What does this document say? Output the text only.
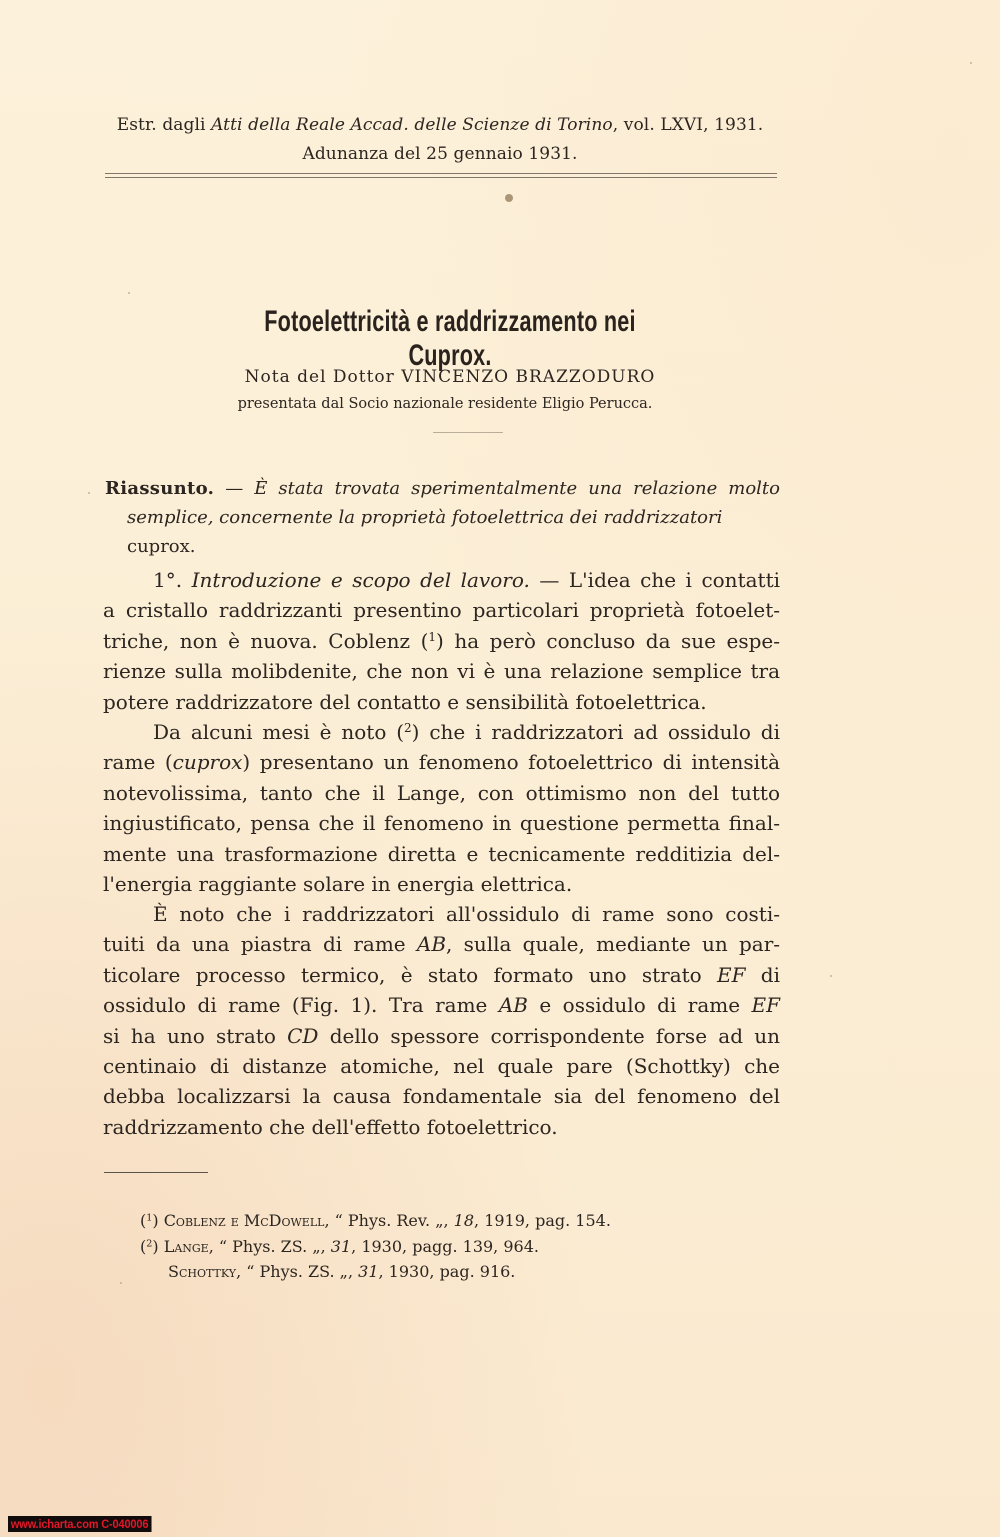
Estr. dagli Atti della Reale Accad. delle Scienze di Torino, vol. LXVI, 1931.
Adunanza del 25 gennaio 1931.
Fotoelettricità e raddrizzamento nei Cuprox.
Nota del Dottor VINCENZO BRAZZODURO
presentata dal Socio nazionale residente Eligio Perucca.
Riassunto. — È stata trovata sperimentalmente una relazione molto
semplice, concernente la proprietà fotoelettrica dei raddrizzatori cuprox.
1°. Introduzione e scopo del lavoro. — L'idea che i contatti
a cristallo raddrizzanti presentino particolari proprietà fotoelet-
triche, non è nuova. Coblenz ($^1$) ha però concluso da sue espe-
rienze sulla molibdenite, che non vi è una relazione semplice tra
potere raddrizzatore del contatto e sensibilità fotoelettrica.
Da alcuni mesi è noto ($^2$) che i raddrizzatori ad ossidulo di
rame (cuprox) presentano un fenomeno fotoelettrico di intensità
notevolissima, tanto che il Lange, con ottimismo non del tutto
ingiustificato, pensa che il fenomeno in questione permetta final-
mente una trasformazione diretta e tecnicamente redditizia del-
l'energia raggiante solare in energia elettrica.
È noto che i raddrizzatori all'ossidulo di rame sono costi-
tuiti da una piastra di rame AB, sulla quale, mediante un par-
ticolare processo termico, è stato formato uno strato EF di
ossidulo di rame (Fig. 1). Tra rame AB e ossidulo di rame EF
si ha uno strato CD dello spessore corrispondente forse ad un
centinaio di distanze atomiche, nel quale pare (Schottky) che
debba localizzarsi la causa fondamentale sia del fenomeno del
raddrizzamento che dell'effetto fotoelettrico.
($^1$) Coblenz e McDowell, “ Phys. Rev. „, 18, 1919, pag. 154.
($^2$) Lange, “ Phys. ZS. „, 31, 1930, pagg. 139, 964.
Schottky, “ Phys. ZS. „, 31, 1930, pag. 916.
www.icharta.com C-040006
